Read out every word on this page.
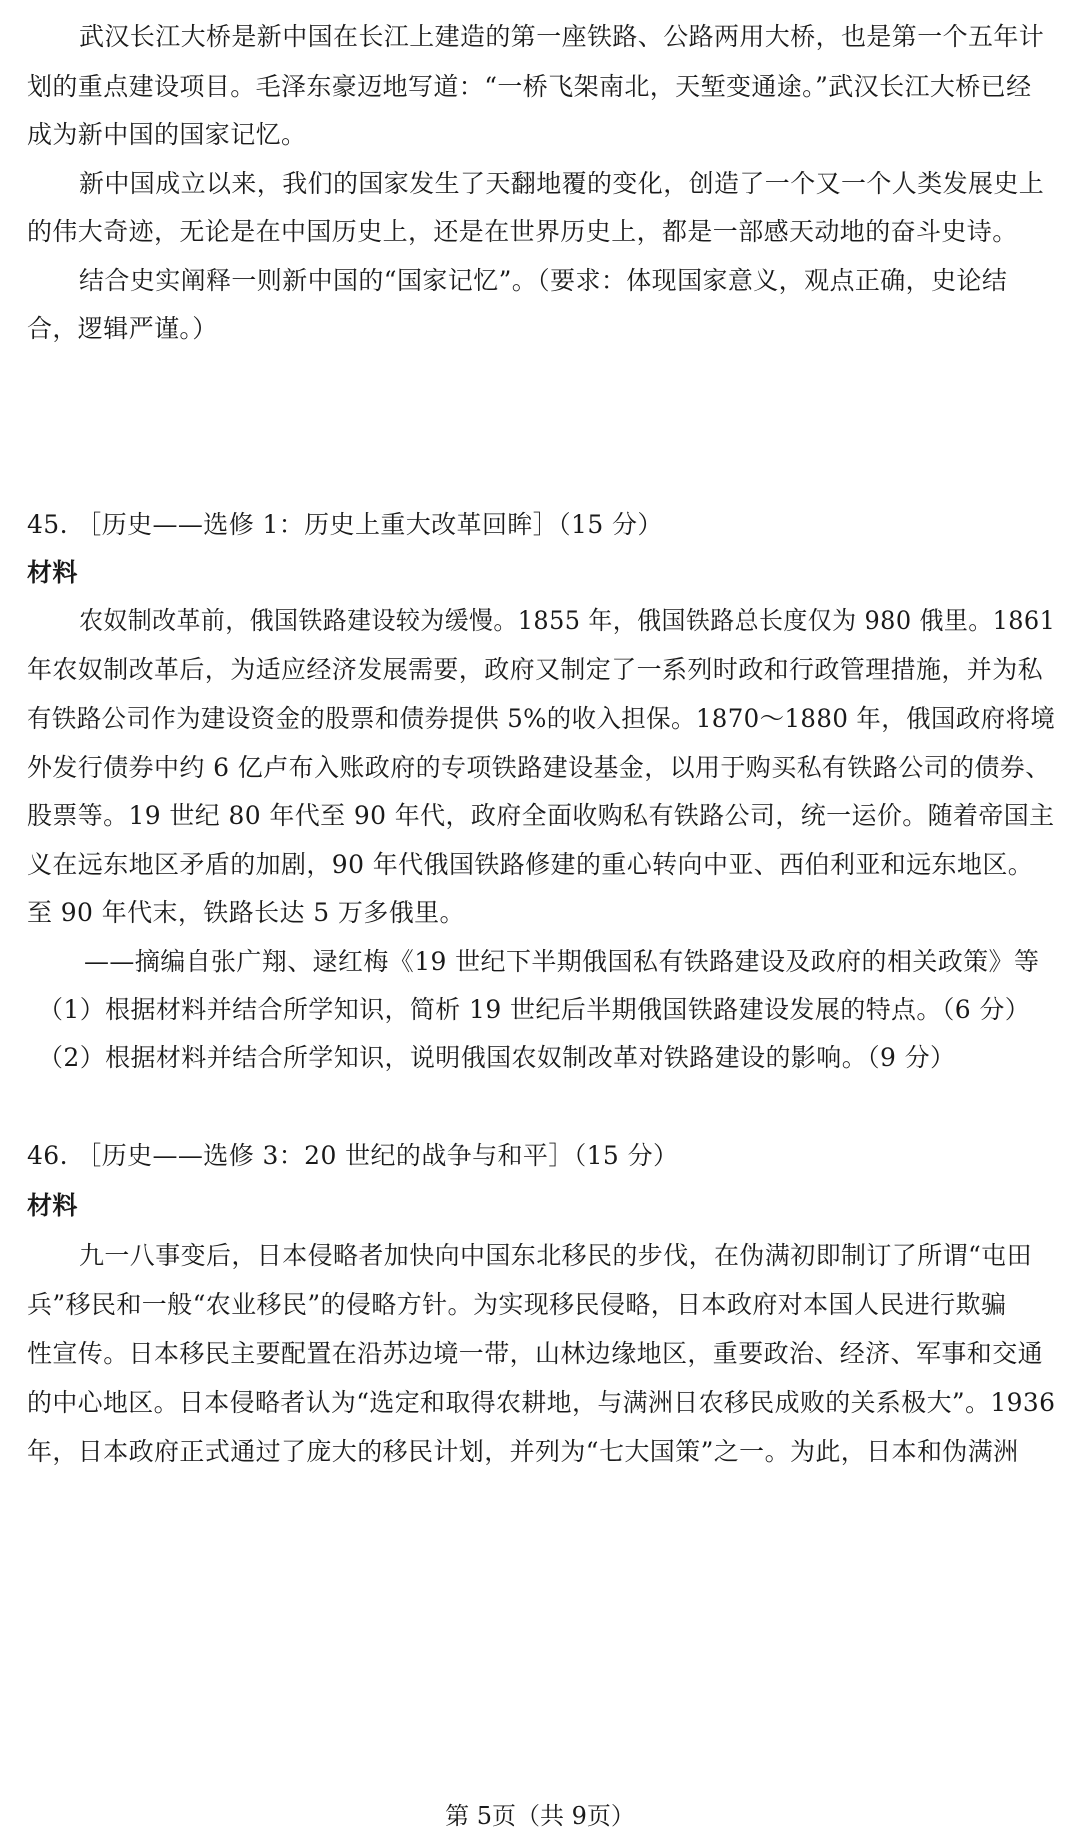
武汉长江大桥是新中国在长江上建造的第一座铁路、公路两用大桥，也是第一个五年计
划的重点建设项目。毛泽东豪迈地写道：“一桥飞架南北，天堑变通途。”武汉长江大桥已经
成为新中国的国家记忆。
新中国成立以来，我们的国家发生了天翻地覆的变化，创造了一个又一个人类发展史上
的伟大奇迹，无论是在中国历史上，还是在世界历史上，都是一部感天动地的奋斗史诗。
结合史实阐释一则新中国的“国家记忆”。（要求：体现国家意义，观点正确，史论结
合，逻辑严谨。）
45. ［历史——选修 1：历史上重大改革回眸］（15 分）
材料
农奴制改革前，俄国铁路建设较为缓慢。1855 年，俄国铁路总长度仅为 980 俄里。1861
年农奴制改革后，为适应经济发展需要，政府又制定了一系列时政和行政管理措施，并为私
有铁路公司作为建设资金的股票和债券提供 5%的收入担保。1870～1880 年，俄国政府将境
外发行债券中约 6 亿卢布入账政府的专项铁路建设基金，以用于购买私有铁路公司的债券、
股票等。19 世纪 80 年代至 90 年代，政府全面收购私有铁路公司，统一运价。随着帝国主
义在远东地区矛盾的加剧，90 年代俄国铁路修建的重心转向中亚、西伯利亚和远东地区。
至 90 年代末，铁路长达 5 万多俄里。
——摘编自张广翔、逯红梅《19 世纪下半期俄国私有铁路建设及政府的相关政策》等
（1）根据材料并结合所学知识，简析 19 世纪后半期俄国铁路建设发展的特点。（6 分）
（2）根据材料并结合所学知识，说明俄国农奴制改革对铁路建设的影响。（9 分）
46. ［历史——选修 3：20 世纪的战争与和平］（15 分）
材料
九一八事变后，日本侵略者加快向中国东北移民的步伐，在伪满初即制订了所谓“屯田
兵”移民和一般“农业移民”的侵略方针。为实现移民侵略，日本政府对本国人民进行欺骗
性宣传。日本移民主要配置在沿苏边境一带，山林边缘地区，重要政治、经济、军事和交通
的中心地区。日本侵略者认为“选定和取得农耕地，与满洲日农移民成败的关系极大”。1936
年，日本政府正式通过了庞大的移民计划，并列为“七大国策”之一。为此，日本和伪满洲
第 5页（共 9页）
